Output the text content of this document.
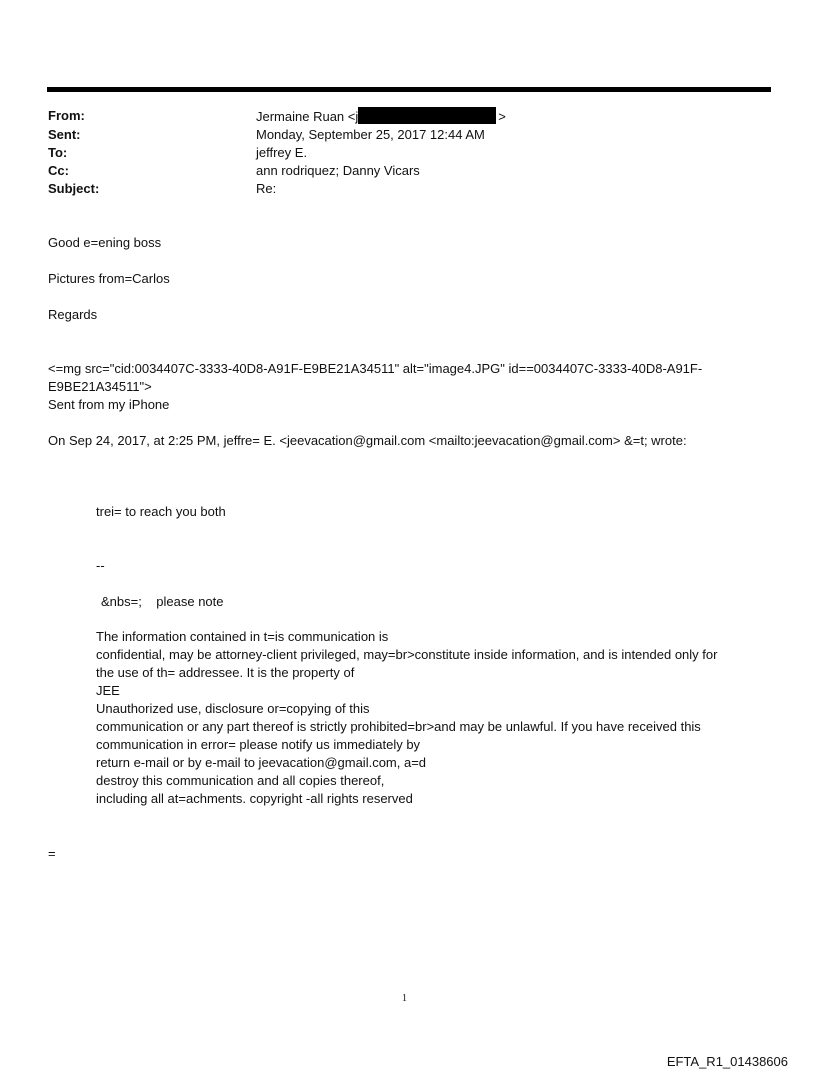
From:	Jermaine Ruan <j	>
Sent:	Monday, September 25, 2017 12:44 AM
To:	jeffrey E.
Cc:	ann rodriquez; Danny Vicars
Subject:	Re:
Good e=ening boss
Pictures from=Carlos
Regards
<=mg src="cid:0034407C-3333-40D8-A91F-E9BE21A34511" alt="image4.JPG" id==0034407C-3333-40D8-A91F-
E9BE21A34511">
Sent from my iPhone
On Sep 24, 2017, at 2:25 PM, jeffre= E. <jeevacation@gmail.com <mailto:jeevacation@gmail.com> &=t; wrote:
trei= to reach you both
--
&nbs=;    please note
The information contained in t=is communication is
confidential, may be attorney-client privileged, may=br>constitute inside information, and is intended only for
the use of th= addressee. It is the property of
JEE
Unauthorized use, disclosure or=copying of this
communication or any part thereof is strictly prohibited=br>and may be unlawful. If you have received this
communication in error= please notify us immediately by
return e-mail or by e-mail to jeevacation@gmail.com, a=d
destroy this communication and all copies thereof,
including all at=achments. copyright -all rights reserved
=
1
EFTA_R1_01438606
